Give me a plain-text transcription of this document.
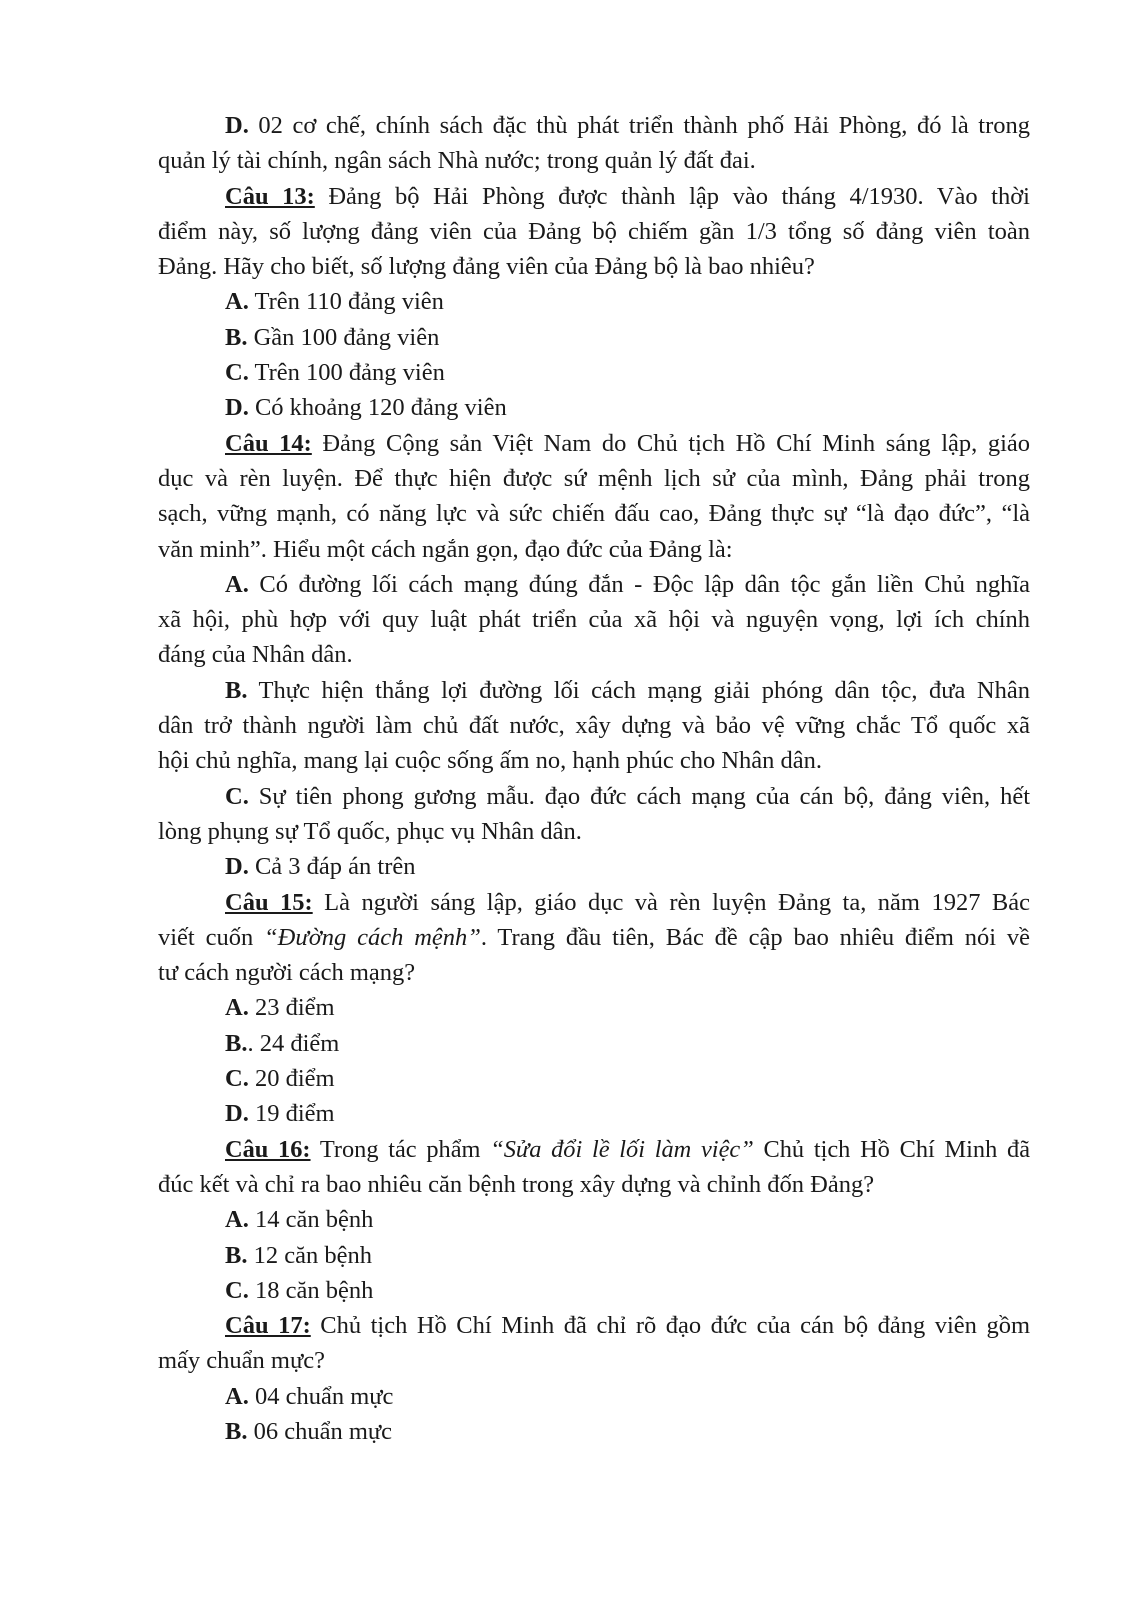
D. 02 cơ chế, chính sách đặc thù phát triển thành phố Hải Phòng, đó là trong
quản lý tài chính, ngân sách Nhà nước; trong quản lý đất đai.
Câu 13: Đảng bộ Hải Phòng được thành lập vào tháng 4/1930. Vào thời
điểm này, số lượng đảng viên của Đảng bộ chiếm gần 1/3 tổng số đảng viên toàn
Đảng. Hãy cho biết, số lượng đảng viên của Đảng bộ là bao nhiêu?
A. Trên 110 đảng viên
B. Gần 100 đảng viên
C. Trên 100 đảng viên
D. Có khoảng 120 đảng viên
Câu 14: Đảng Cộng sản Việt Nam do Chủ tịch Hồ Chí Minh sáng lập, giáo
dục và rèn luyện. Để thực hiện được sứ mệnh lịch sử của mình, Đảng phải trong
sạch, vững mạnh, có năng lực và sức chiến đấu cao, Đảng thực sự “là đạo đức”, “là
văn minh”. Hiểu một cách ngắn gọn, đạo đức của Đảng là:
A. Có đường lối cách mạng đúng đắn - Độc lập dân tộc gắn liền Chủ nghĩa
xã hội, phù hợp với quy luật phát triển của xã hội và nguyện vọng, lợi ích chính
đáng của Nhân dân.
B. Thực hiện thắng lợi đường lối cách mạng giải phóng dân tộc, đưa Nhân
dân trở thành người làm chủ đất nước, xây dựng và bảo vệ vững chắc Tổ quốc xã
hội chủ nghĩa, mang lại cuộc sống ấm no, hạnh phúc cho Nhân dân.
C. Sự tiên phong gương mẫu. đạo đức cách mạng của cán bộ, đảng viên, hết
lòng phụng sự Tổ quốc, phục vụ Nhân dân.
D. Cả 3 đáp án trên
Câu 15: Là người sáng lập, giáo dục và rèn luyện Đảng ta, năm 1927 Bác
viết cuốn “Đường cách mệnh”. Trang đầu tiên, Bác đề cập bao nhiêu điểm nói về
tư cách người cách mạng?
A. 23 điểm
B.. 24 điểm
C. 20 điểm
D. 19 điểm
Câu 16: Trong tác phẩm “Sửa đổi lề lối làm việc” Chủ tịch Hồ Chí Minh đã
đúc kết và chỉ ra bao nhiêu căn bệnh trong xây dựng và chỉnh đốn Đảng?
A. 14 căn bệnh
B. 12 căn bệnh
C. 18 căn bệnh
Câu 17: Chủ tịch Hồ Chí Minh đã chỉ rõ đạo đức của cán bộ đảng viên gồm
mấy chuẩn mực?
A. 04 chuẩn mực
B. 06 chuẩn mực
